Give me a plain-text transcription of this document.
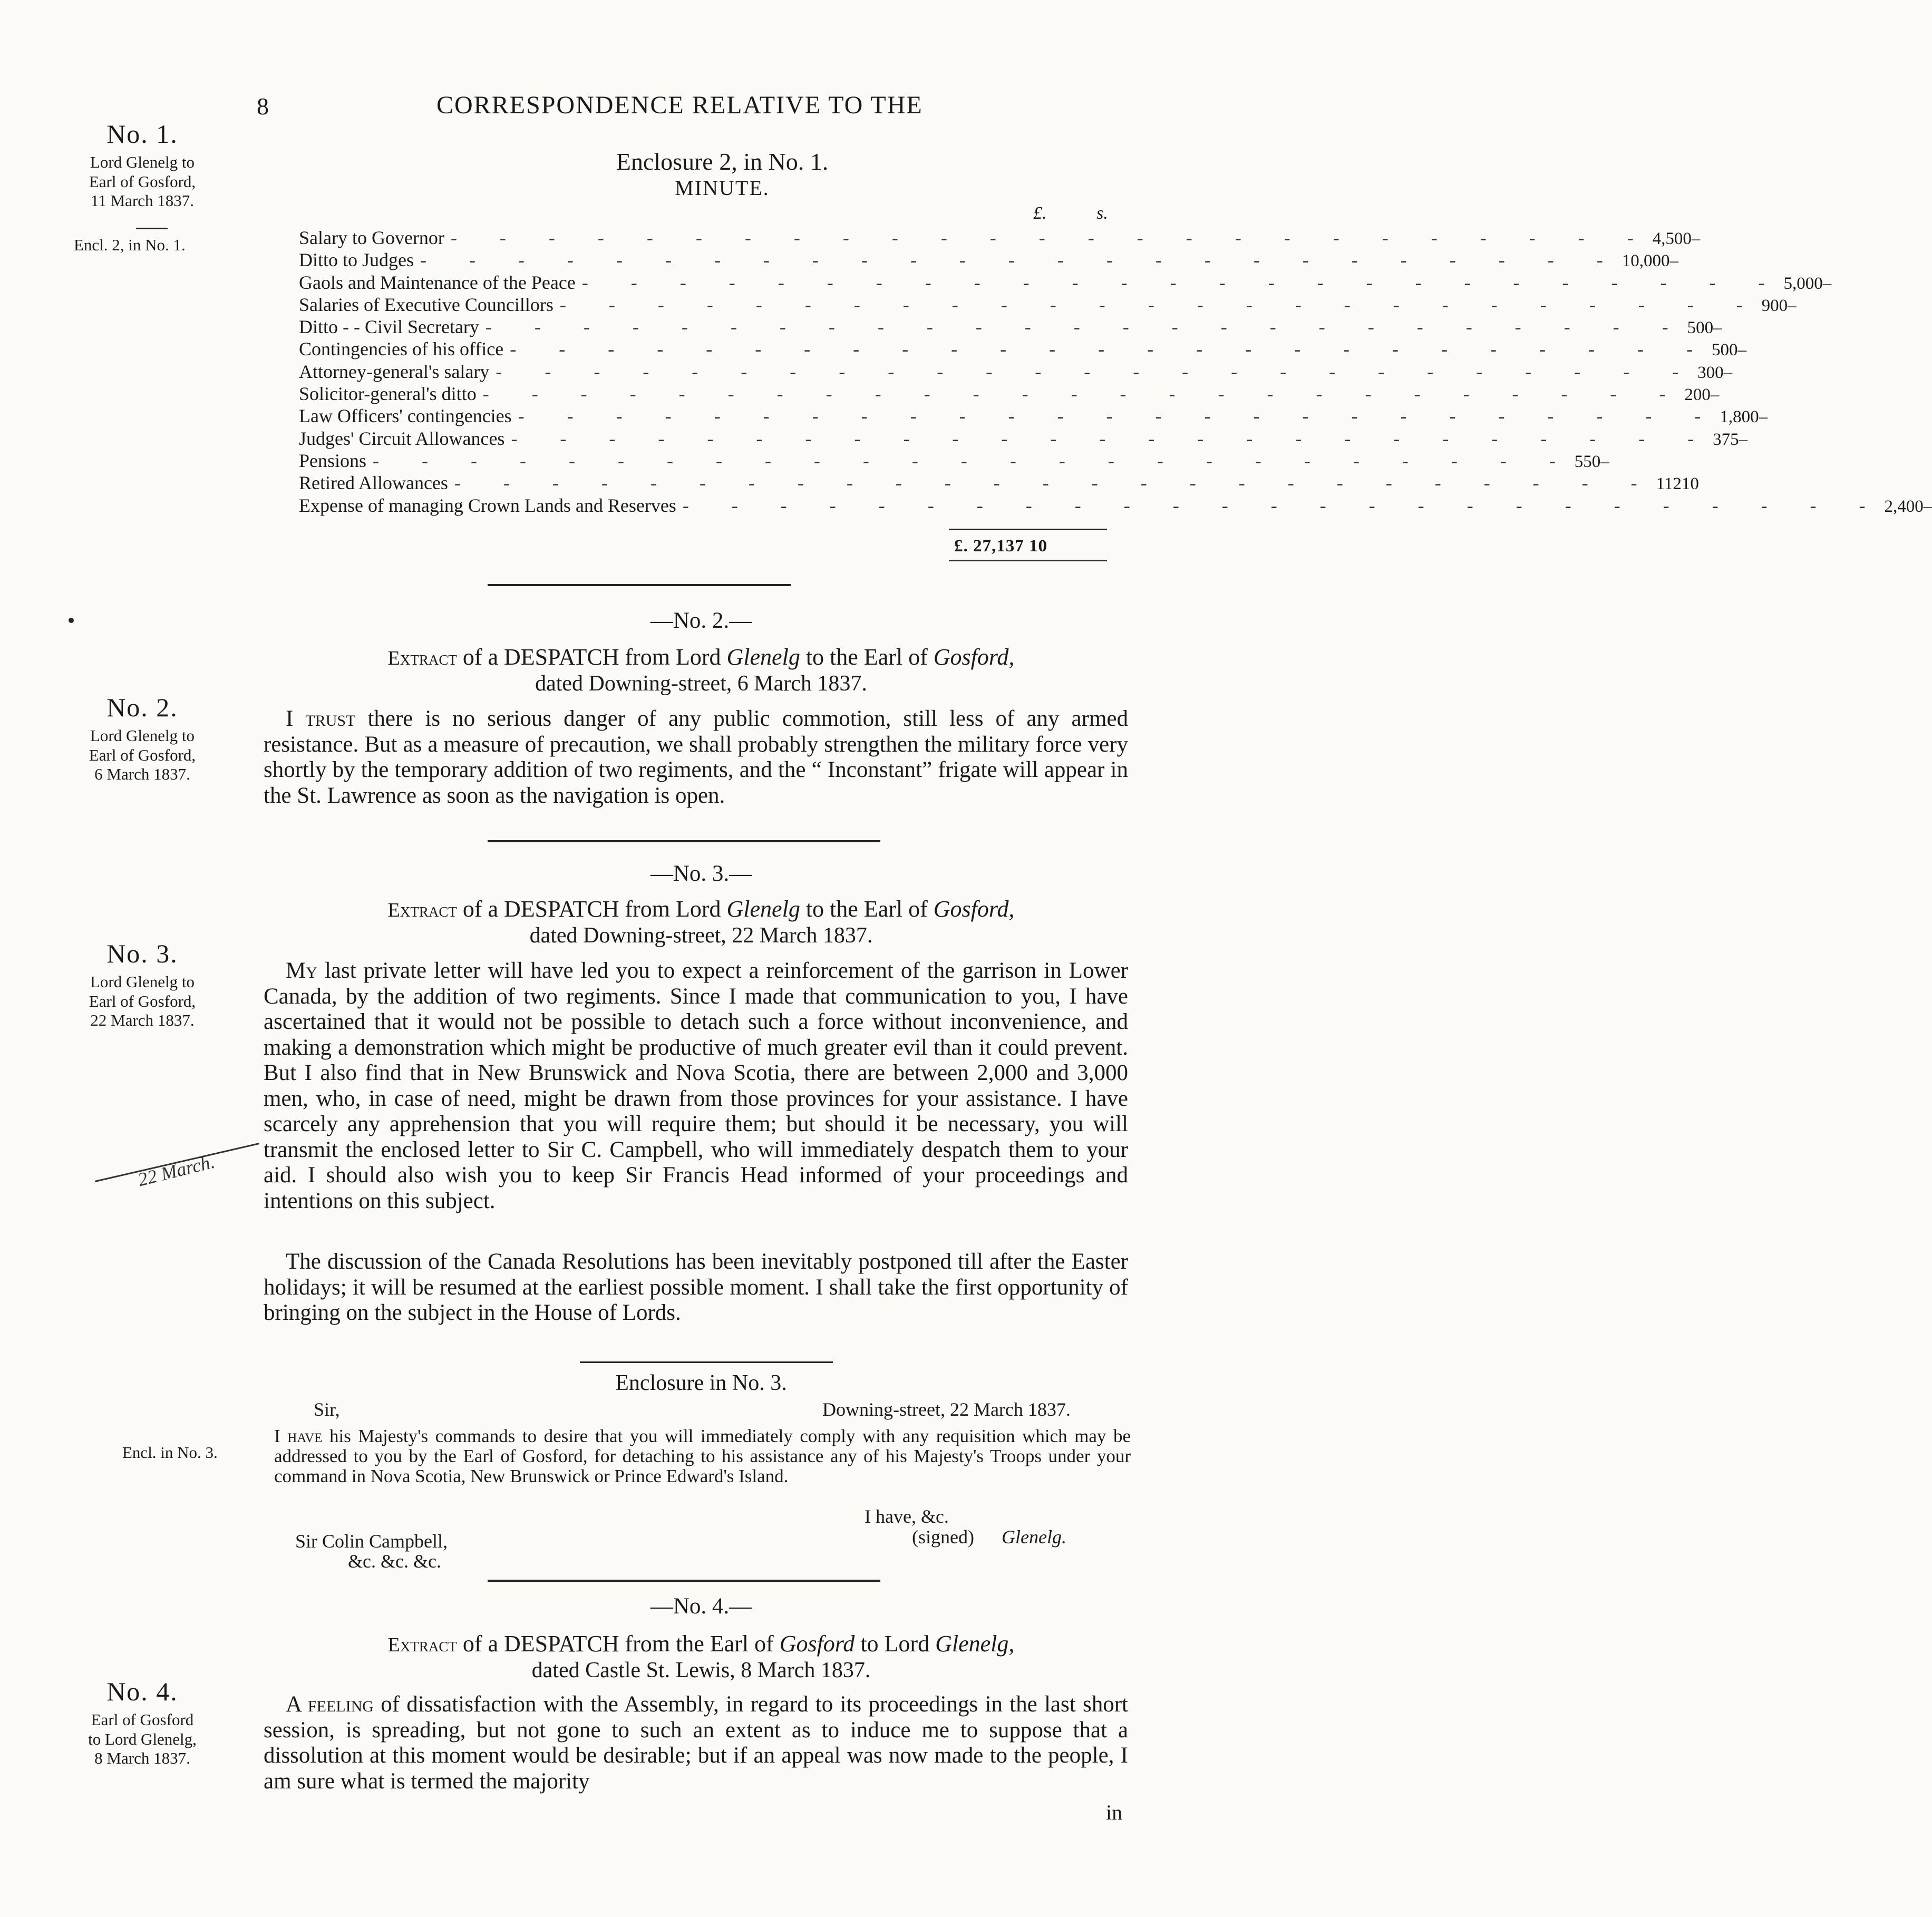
8	CORRESPONDENCE RELATIVE TO THE
No. 1.
Lord Glenelg to
Earl of Gosford,
11 March 1837.
Encl. 2, in No. 1.
Enclosure 2, in No. 1.
MINUTE.
£.	s.
Salary to Governor - - - - - - - - - - - - - - - - - - - - - - - - - 4,500 –
Ditto to Judges - - - - - - - - - - - - - - - - - - - - - - - - - 10,000 –
Gaols and Maintenance of the Peace - - - - - - - - - - - - - - - - - - - - - - - - - 5,000 –
Salaries of Executive Councillors - - - - - - - - - - - - - - - - - - - - - - - - - 900 –
Ditto - - Civil Secretary - - - - - - - - - - - - - - - - - - - - - - - - - 500 –
Contingencies of his office - - - - - - - - - - - - - - - - - - - - - - - - - 500 –
Attorney-general's salary - - - - - - - - - - - - - - - - - - - - - - - - - 300 –
Solicitor-general's ditto - - - - - - - - - - - - - - - - - - - - - - - - - 200 –
Law Officers' contingencies - - - - - - - - - - - - - - - - - - - - - - - - - 1,800 –
Judges' Circuit Allowances - - - - - - - - - - - - - - - - - - - - - - - - - 375 –
Pensions - - - - - - - - - - - - - - - - - - - - - - - - - 550 –
Retired Allowances - - - - - - - - - - - - - - - - - - - - - - - - - 112 10
Expense of managing Crown Lands and Reserves - - - - - - - - - - - - - - - - - - - - - - - - - 2,400 –
£. 27,137 10
—No. 2.—
Extract of a DESPATCH from Lord Glenelg to the Earl of Gosford,
dated Downing-street, 6 March 1837.
No. 2.
Lord Glenelg to
Earl of Gosford,
6 March 1837.
I trust there is no serious danger of any public commotion, still less of any armed resistance. But as a measure of precaution, we shall probably strengthen the military force very shortly by the temporary addition of two regiments, and the “ Inconstant” frigate will appear in the St. Lawrence as soon as the navigation is open.
—No. 3.—
Extract of a DESPATCH from Lord Glenelg to the Earl of Gosford,
dated Downing-street, 22 March 1837.
No. 3.
Lord Glenelg to
Earl of Gosford,
22 March 1837.
22 March.
My last private letter will have led you to expect a reinforcement of the garrison in Lower Canada, by the addition of two regiments. Since I made that communication to you, I have ascertained that it would not be possible to detach such a force without inconvenience, and making a demonstration which might be productive of much greater evil than it could prevent. But I also find that in New Brunswick and Nova Scotia, there are between 2,000 and 3,000 men, who, in case of need, might be drawn from those provinces for your assistance. I have scarcely any apprehension that you will require them; but should it be necessary, you will transmit the enclosed letter to Sir C. Campbell, who will immediately despatch them to your aid. I should also wish you to keep Sir Francis Head informed of your proceedings and intentions on this subject.
The discussion of the Canada Resolutions has been inevitably postponed till after the Easter holidays; it will be resumed at the earliest possible moment. I shall take the first opportunity of bringing on the subject in the House of Lords.
Enclosure in No. 3.
Sir,	Downing-street, 22 March 1837.
Encl. in No. 3.
I have his Majesty's commands to desire that you will immediately comply with any requisition which may be addressed to you by the Earl of Gosford, for detaching to his assistance any of his Majesty's Troops under your command in Nova Scotia, New Brunswick or Prince Edward's Island.
I have, &c.
(signed) Glenelg.
Sir Colin Campbell,
&c. &c. &c.
—No. 4.—
Extract of a DESPATCH from the Earl of Gosford to Lord Glenelg,
dated Castle St. Lewis, 8 March 1837.
No. 4.
Earl of Gosford
to Lord Glenelg,
8 March 1837.
A feeling of dissatisfaction with the Assembly, in regard to its proceedings in the last short session, is spreading, but not gone to such an extent as to induce me to suppose that a dissolution at this moment would be desirable; but if an appeal was now made to the people, I am sure what is termed the majority
in
